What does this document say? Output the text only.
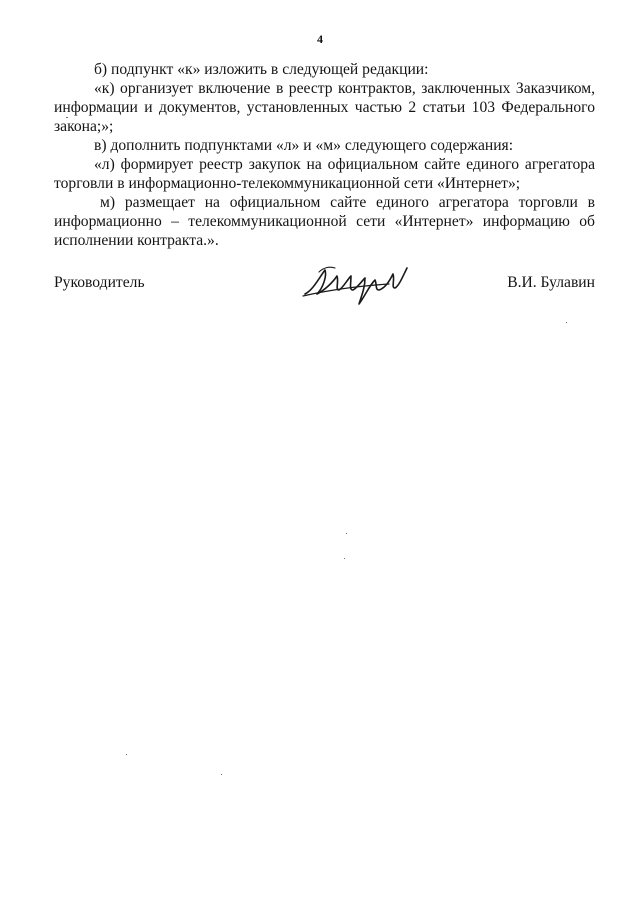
4

б) подпункт «к» изложить в следующей редакции:

«к) организует включение в реестр контрактов, заключенных Заказчиком, информации и документов, установленных частью 2 статьи 103 Федерального закона;»;

в) дополнить подпунктами «л» и «м» следующего содержания:

«л) формирует реестр закупок на официальном сайте единого агрегатора торговли в информационно-телекоммуникационной сети «Интернет»;

м) размещает на официальном сайте единого агрегатора торговли в информационно – телекоммуникационной сети «Интернет» информацию об исполнении контракта.».

Руководитель	В.И. Булавин
